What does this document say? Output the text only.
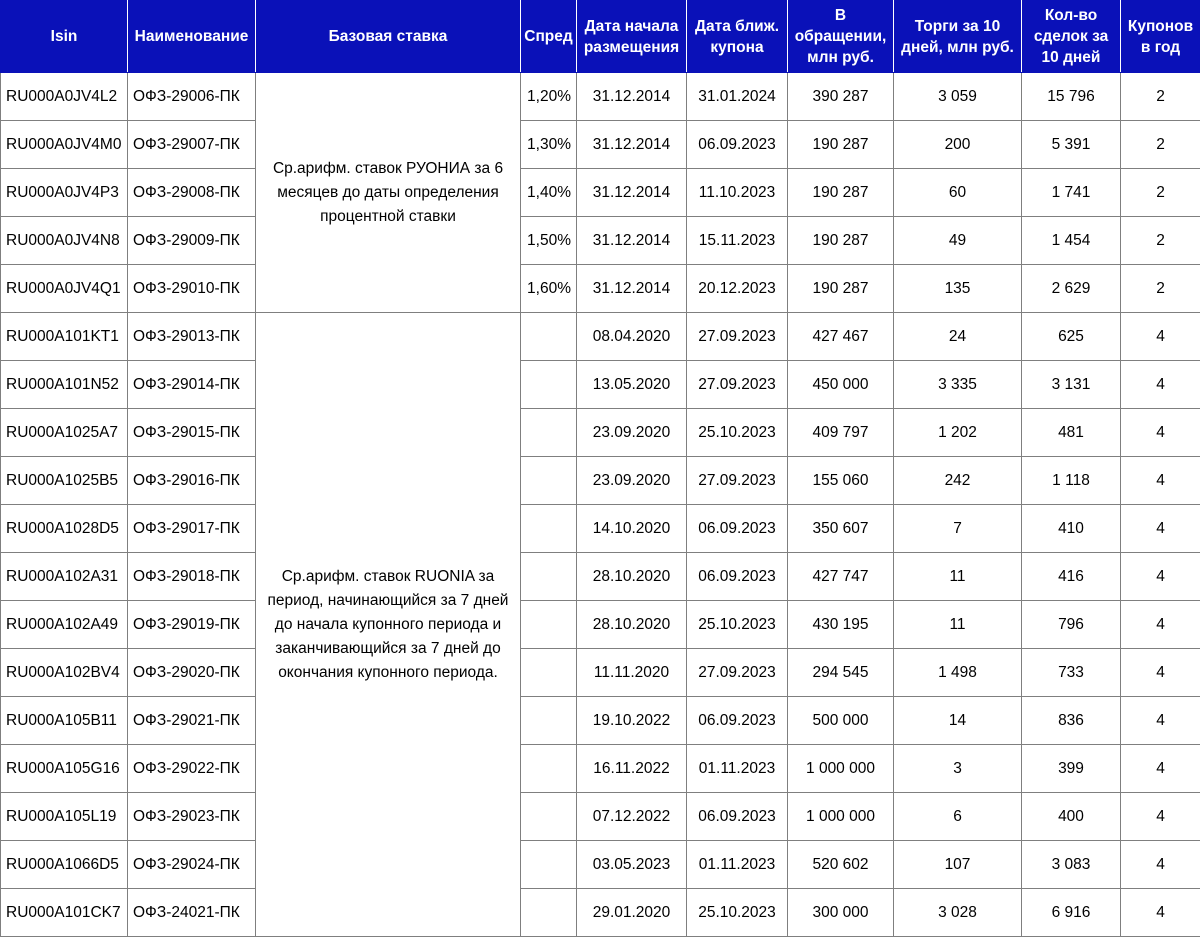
Isin	Наименование	Базовая ставка	Спред	Дата начала
размещения	Дата ближ.
купона	В
обращении,
млн руб.	Торги за 10
дней, млн руб.	Кол-во
сделок за
10 дней	Купонов
в год

RU000A0JV4L2	ОФЗ-29006-ПК	Ср.арифм. ставок РУОНИА за 6 месяцев до даты определения процентной ставки	1,20%	31.12.2014	31.01.2024	390 287	3 059	15 796	2
RU000A0JV4M0	ОФЗ-29007-ПК		1,30%	31.12.2014	06.09.2023	190 287	200	5 391	2
RU000A0JV4P3	ОФЗ-29008-ПК		1,40%	31.12.2014	11.10.2023	190 287	60	1 741	2
RU000A0JV4N8	ОФЗ-29009-ПК		1,50%	31.12.2014	15.11.2023	190 287	49	1 454	2
RU000A0JV4Q1	ОФЗ-29010-ПК		1,60%	31.12.2014	20.12.2023	190 287	135	2 629	2
RU000A101KT1	ОФЗ-29013-ПК	Ср.арифм. ставок RUONIA за период, начинающийся за 7 дней до начала купонного периода и заканчивающийся за 7 дней до окончания купонного периода.		08.04.2020	27.09.2023	427 467	24	625	4
RU000A101N52	ОФЗ-29014-ПК			13.05.2020	27.09.2023	450 000	3 335	3 131	4
RU000A1025A7	ОФЗ-29015-ПК			23.09.2020	25.10.2023	409 797	1 202	481	4
RU000A1025B5	ОФЗ-29016-ПК			23.09.2020	27.09.2023	155 060	242	1 118	4
RU000A1028D5	ОФЗ-29017-ПК			14.10.2020	06.09.2023	350 607	7	410	4
RU000A102A31	ОФЗ-29018-ПК			28.10.2020	06.09.2023	427 747	11	416	4
RU000A102A49	ОФЗ-29019-ПК			28.10.2020	25.10.2023	430 195	11	796	4
RU000A102BV4	ОФЗ-29020-ПК			11.11.2020	27.09.2023	294 545	1 498	733	4
RU000A105B11	ОФЗ-29021-ПК			19.10.2022	06.09.2023	500 000	14	836	4
RU000A105G16	ОФЗ-29022-ПК			16.11.2022	01.11.2023	1 000 000	3	399	4
RU000A105L19	ОФЗ-29023-ПК			07.12.2022	06.09.2023	1 000 000	6	400	4
RU000A1066D5	ОФЗ-29024-ПК			03.05.2023	01.11.2023	520 602	107	3 083	4
RU000A101CK7	ОФЗ-24021-ПК			29.01.2020	25.10.2023	300 000	3 028	6 916	4
